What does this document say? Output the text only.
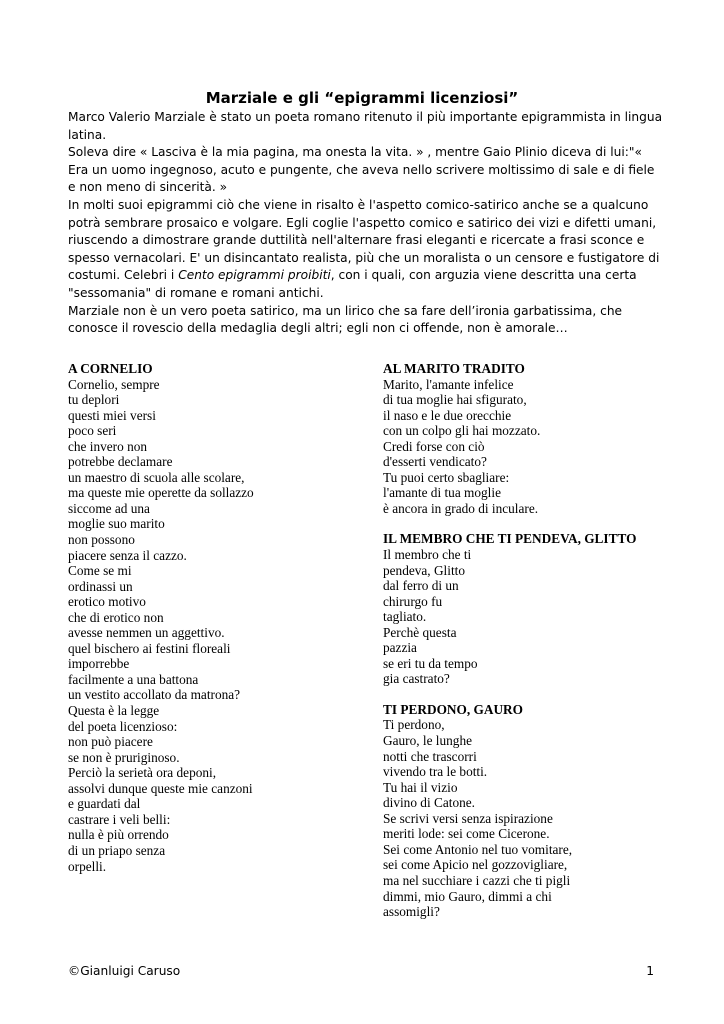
Marziale e gli “epigrammi licenziosi”

Marco Valerio Marziale è stato un poeta romano ritenuto il più importante epigrammista in lingua latina.

Soleva dire « Lasciva è la mia pagina, ma onesta la vita. » , mentre Gaio Plinio diceva di lui:"« Era un uomo ingegnoso, acuto e pungente, che aveva nello scrivere moltissimo di sale e di fiele e non meno di sincerità. »

In molti suoi epigrammi ciò che viene in risalto è l'aspetto comico-satirico anche se a qualcuno potrà sembrare prosaico e volgare. Egli coglie l'aspetto comico e satirico dei vizi e difetti umani, riuscendo a dimostrare grande duttilità nell'alternare frasi eleganti e ricercate a frasi sconce e spesso vernacolari. E' un disincantato realista, più che un moralista o un censore e fustigatore di costumi. Celebri i Cento epigrammi proibiti, con i quali, con arguzia viene descritta una certa "sessomania" di romane e romani antichi.

Marziale non è un vero poeta satirico, ma un lirico che sa fare dell’ironia garbatissima, che conosce il rovescio della medaglia degli altri; egli non ci offende, non è amorale…

A CORNELIO
Cornelio, sempre
tu deplori
questi miei versi
poco seri
che invero non
potrebbe declamare
un maestro di scuola alle scolare,
ma queste mie operette da sollazzo
siccome ad una
moglie suo marito
non possono
piacere senza il cazzo.
Come se mi
ordinassi un
erotico motivo
che di erotico non
avesse nemmen un aggettivo.
quel bischero ai festini floreali
imporrebbe
facilmente a una battona
un vestito accollato da matrona?
Questa è la legge
del poeta licenzioso:
non può piacere
se non è pruriginoso.
Perciò la serietà ora deponi,
assolvi dunque queste mie canzoni
e guardati dal
castrare i veli belli:
nulla è più orrendo
di un priapo senza
orpelli.
AL MARITO TRADITO
Marito, l'amante infelice
di tua moglie hai sfigurato,
il naso e le due orecchie
con un colpo gli hai mozzato.
Credi forse con ciò
d'esserti vendicato?
Tu puoi certo sbagliare:
l'amante di tua moglie
è ancora in grado di inculare.
IL MEMBRO CHE TI PENDEVA, GLITTO
Il membro che ti
pendeva, Glitto
dal ferro di un
chirurgo fu
tagliato.
Perchè questa
pazzia
se eri tu da tempo
gia castrato?
TI PERDONO, GAURO
Ti perdono,
Gauro, le lunghe
notti che trascorri
vivendo tra le botti.
Tu hai il vizio
divino di Catone.
Se scrivi versi senza ispirazione
meriti lode: sei come Cicerone.
Sei come Antonio nel tuo vomitare,
sei come Apicio nel gozzovigliare,
ma nel succhiare i cazzi che ti pigli
dimmi, mio Gauro, dimmi a chi
assomigli?
©Gianluigi Caruso	1
